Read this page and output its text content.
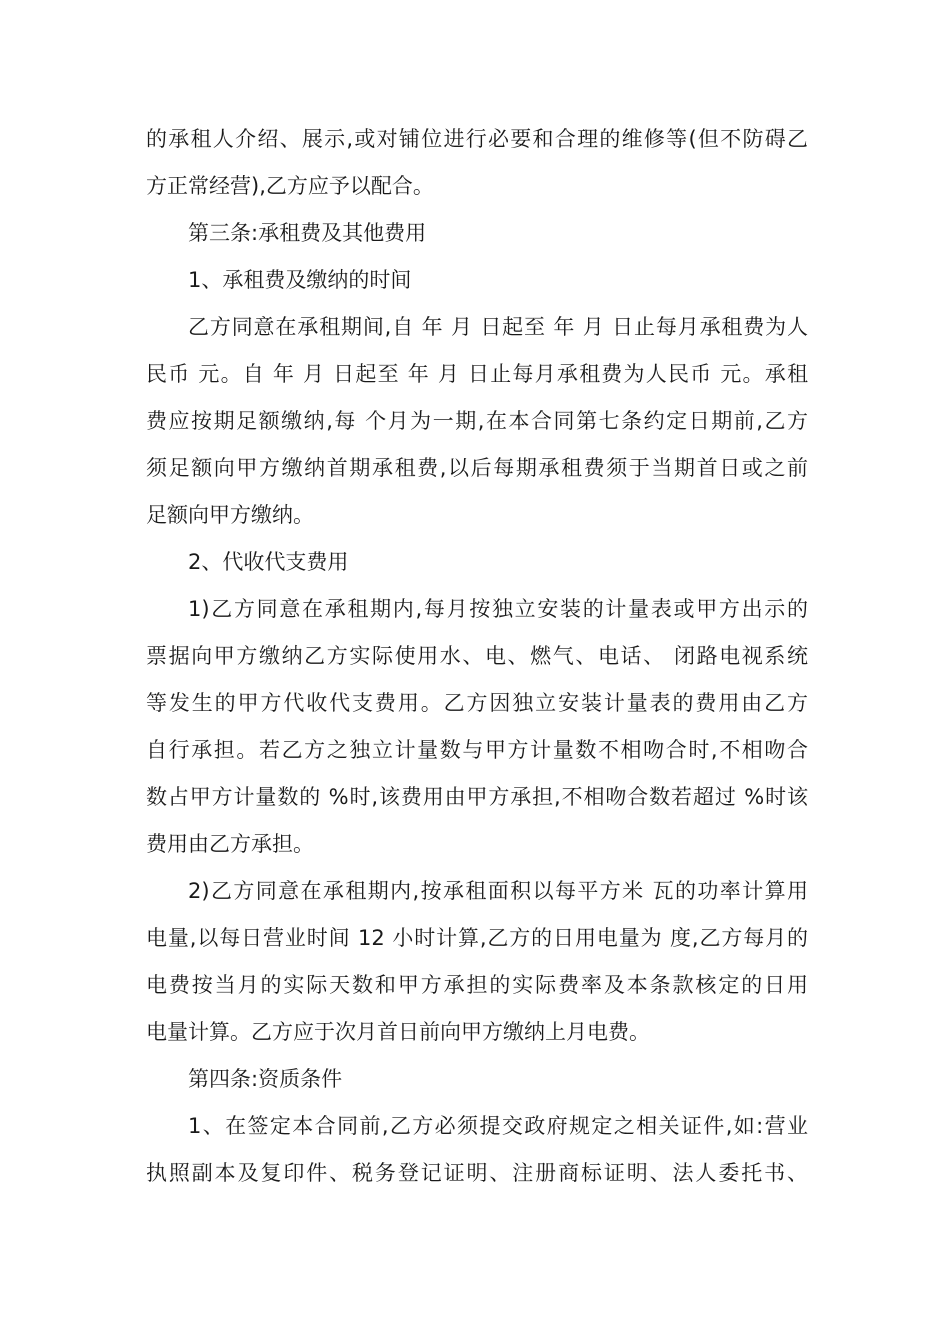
的承租人介绍、展示,或对铺位进行必要和合理的维修等(但不防碍乙
方正常经营),乙方应予以配合。
第三条:承租费及其他费用
1、承租费及缴纳的时间
乙方同意在承租期间,自 年 月 日起至 年 月 日止每月承租费为人
民币 元。自 年 月 日起至 年 月 日止每月承租费为人民币 元。承租
费应按期足额缴纳,每 个月为一期,在本合同第七条约定日期前,乙方
须足额向甲方缴纳首期承租费,以后每期承租费须于当期首日或之前
足额向甲方缴纳。
2、代收代支费用
1)乙方同意在承租期内,每月按独立安装的计量表或甲方出示的
票据向甲方缴纳乙方实际使用水、电、燃气、电话、 闭路电视系统
等发生的甲方代收代支费用。乙方因独立安装计量表的费用由乙方
自行承担。若乙方之独立计量数与甲方计量数不相吻合时,不相吻合
数占甲方计量数的 %时,该费用由甲方承担,不相吻合数若超过 %时该
费用由乙方承担。
2)乙方同意在承租期内,按承租面积以每平方米 瓦的功率计算用
电量,以每日营业时间 12 小时计算,乙方的日用电量为 度,乙方每月的
电费按当月的实际天数和甲方承担的实际费率及本条款核定的日用
电量计算。乙方应于次月首日前向甲方缴纳上月电费。
第四条:资质条件
1、在签定本合同前,乙方必须提交政府规定之相关证件,如:营业
执照副本及复印件、税务登记证明、注册商标证明、法人委托书、
